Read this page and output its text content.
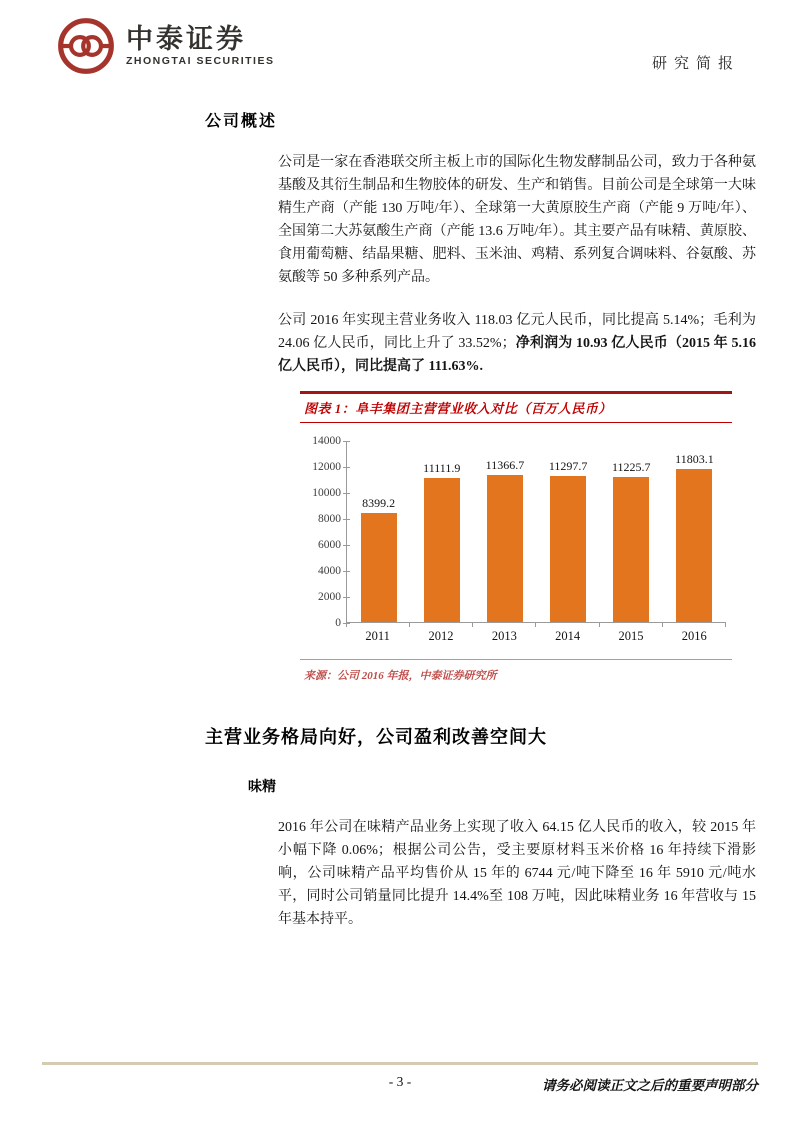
中泰证券
ZHONGTAI SECURITIES	研究简报
公司概述

公司是一家在香港联交所主板上市的国际化生物发酵制品公司，致力于各种氨基酸及其衍生制品和生物胶体的研发、生产和销售。目前公司是全球第一大味精生产商（产能 130 万吨/年）、全球第一大黄原胶生产商（产能 9 万吨/年）、全国第二大苏氨酸生产商（产能 13.6 万吨/年）。其主要产品有味精、黄原胶、食用葡萄糖、结晶果糖、肥料、玉米油、鸡精、系列复合调味料、谷氨酸、苏氨酸等 50 多种系列产品。

公司 2016 年实现主营业务收入 118.03 亿元人民币，同比提高 5.14%；毛利为 24.06 亿人民币，同比上升了 33.52%；净利润为 10.93 亿人民币（2015 年 5.16 亿人民币），同比提高了 111.63%.

图表 1：阜丰集团主营营业收入对比（百万人民币）
14000
12000
10000
8000
6000
4000
2000
0
8399.2
11111.9 11366.7 11297.7 11225.7
11803.1
2011	2012	2013	2014	2015	2016
来源：公司 2016 年报，中泰证券研究所
主营业务格局向好，公司盈利改善空间大
味精

2016 年公司在味精产品业务上实现了收入 64.15 亿人民币的收入，较 2015 年小幅下降 0.06%；根据公司公告，受主要原材料玉米价格 16 年持续下滑影响，公司味精产品平均售价从 15 年的 6744 元/吨下降至 16 年 5910 元/吨水平，同时公司销量同比提升 14.4%至 108 万吨，因此味精业务 16 年营收与 15 年基本持平。

- 3 -	请务必阅读正文之后的重要声明部分
